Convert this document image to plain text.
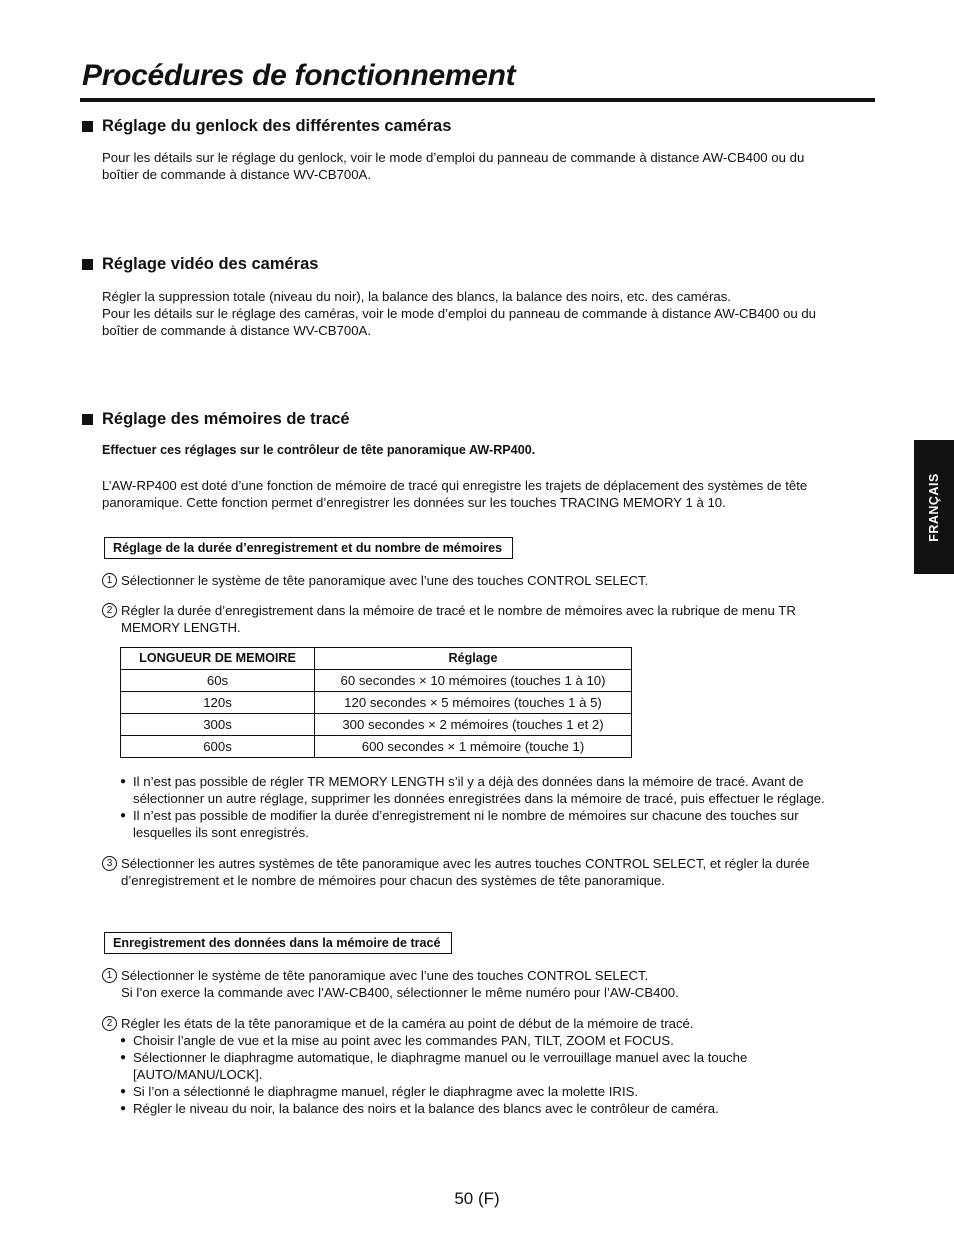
Procédures de fonctionnement
FRANÇAIS
Réglage du genlock des différentes caméras

Pour les détails sur le réglage du genlock, voir le mode d’emploi du panneau de commande à distance AW-CB400 ou du
boîtier de commande à distance WV-CB700A.

Réglage vidéo des caméras

Régler la suppression totale (niveau du noir), la balance des blancs, la balance des noirs, etc. des caméras.
Pour les détails sur le réglage des caméras, voir le mode d’emploi du panneau de commande à distance AW-CB400 ou du
boîtier de commande à distance WV-CB700A.

Réglage des mémoires de tracé

Effectuer ces réglages sur le contrôleur de tête panoramique AW-RP400.

L’AW-RP400 est doté d’une fonction de mémoire de tracé qui enregistre les trajets de déplacement des systèmes de tête
panoramique. Cette fonction permet d’enregistrer les données sur les touches TRACING MEMORY 1 à 10.

Réglage de la durée d’enregistrement et du nombre de mémoires
1 Sélectionner le système de tête panoramique avec l’une des touches CONTROL SELECT.
2 Régler la durée d’enregistrement dans la mémoire de tracé et le nombre de mémoires avec la rubrique de menu TR
MEMORY LENGTH.
LONGUEUR DE MEMOIRE	Réglage
60s	60 secondes × 10 mémoires (touches 1 à 10)
120s	120 secondes × 5 mémoires (touches 1 à 5)
300s	300 secondes × 2 mémoires (touches 1 et 2)
600s	600 secondes × 1 mémoire (touche 1)
● Il n’est pas possible de régler TR MEMORY LENGTH s’il y a déjà des données dans la mémoire de tracé. Avant de
sélectionner un autre réglage, supprimer les données enregistrées dans la mémoire de tracé, puis effectuer le réglage.
● Il n’est pas possible de modifier la durée d’enregistrement ni le nombre de mémoires sur chacune des touches sur
lesquelles ils sont enregistrés.
3 Sélectionner les autres systèmes de tête panoramique avec les autres touches CONTROL SELECT, et régler la durée
d’enregistrement et le nombre de mémoires pour chacun des systèmes de tête panoramique.
Enregistrement des données dans la mémoire de tracé
1 Sélectionner le système de tête panoramique avec l’une des touches CONTROL SELECT.
Si l’on exerce la commande avec l’AW-CB400, sélectionner le même numéro pour l’AW-CB400.
2 Régler les états de la tête panoramique et de la caméra au point de début de la mémoire de tracé.
● Choisir l’angle de vue et la mise au point avec les commandes PAN, TILT, ZOOM et FOCUS.
● Sélectionner le diaphragme automatique, le diaphragme manuel ou le verrouillage manuel avec la touche
[AUTO/MANU/LOCK].
● Si l’on a sélectionné le diaphragme manuel, régler le diaphragme avec la molette IRIS.
● Régler le niveau du noir, la balance des noirs et la balance des blancs avec le contrôleur de caméra.
50 (F)
